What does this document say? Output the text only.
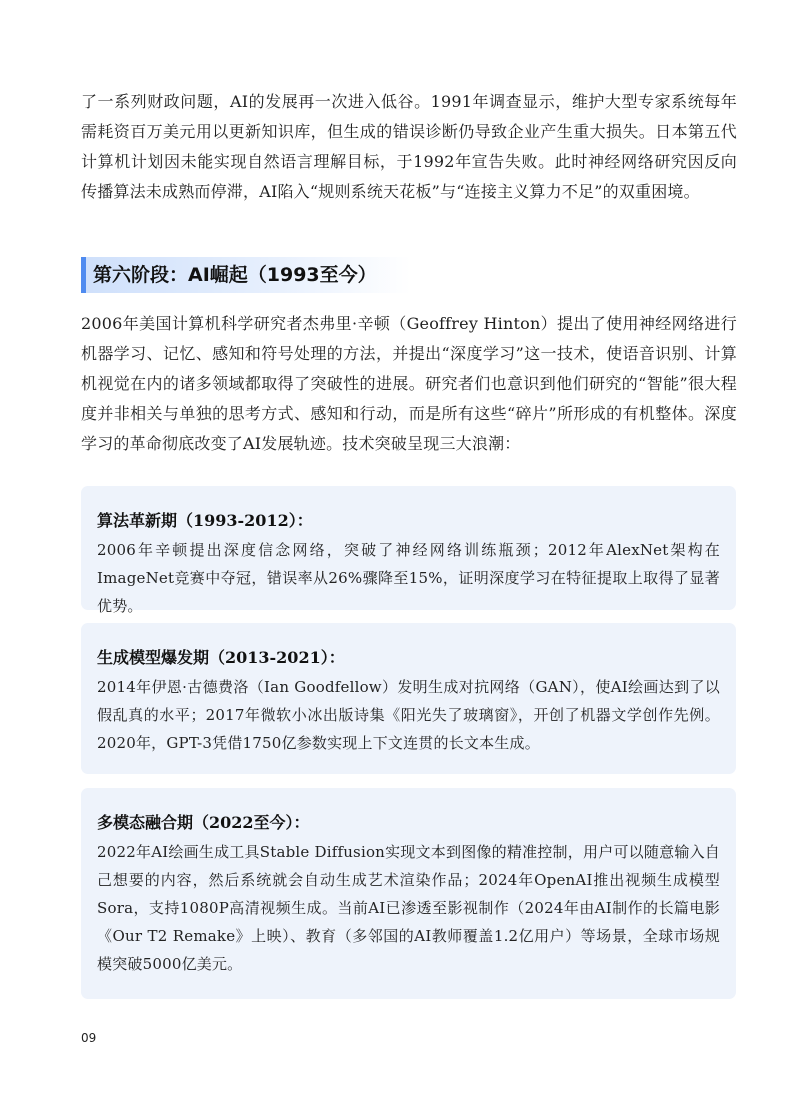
了一系列财政问题，AI的发展再一次进入低谷。1991年调查显示，维护大型专家系统每年需耗资百万美元用以更新知识库，但生成的错误诊断仍导致企业产生重大损失。日本第五代计算机计划因未能实现自然语言理解目标，于1992年宣告失败。此时神经网络研究因反向传播算法未成熟而停滞，AI陷入“规则系统天花板”与“连接主义算力不足”的双重困境。

第六阶段：AI崛起（1993至今）

2006年美国计算机科学研究者杰弗里·辛顿（Geoffrey Hinton）提出了使用神经网络进行机器学习、记忆、感知和符号处理的方法，并提出“深度学习”这一技术，使语音识别、计算机视觉在内的诸多领域都取得了突破性的进展。研究者们也意识到他们研究的“智能”很大程度并非相关与单独的思考方式、感知和行动，而是所有这些“碎片”所形成的有机整体。深度学习的革命彻底改变了AI发展轨迹。技术突破呈现三大浪潮：

算法革新期（1993-2012）：

2006年辛顿提出深度信念网络，突破了神经网络训练瓶颈；2012年AlexNet架构在ImageNet竞赛中夺冠，错误率从26%骤降至15%，证明深度学习在特征提取上取得了显著优势。

生成模型爆发期（2013-2021）：

2014年伊恩·古德费洛（Ian Goodfellow）发明生成对抗网络（GAN），使AI绘画达到了以假乱真的水平；2017年微软小冰出版诗集《阳光失了玻璃窗》，开创了机器文学创作先例。2020年，GPT-3凭借1750亿参数实现上下文连贯的长文本生成。

多模态融合期（2022至今）：

2022年AI绘画生成工具Stable Diffusion实现文本到图像的精准控制，用户可以随意输入自己想要的内容，然后系统就会自动生成艺术渲染作品；2024年OpenAI推出视频生成模型Sora，支持1080P高清视频生成。当前AI已渗透至影视制作（2024年由AI制作的长篇电影《Our T2 Remake》上映）、教育（多邻国的AI教师覆盖1.2亿用户）等场景，全球市场规模突破5000亿美元。

09
